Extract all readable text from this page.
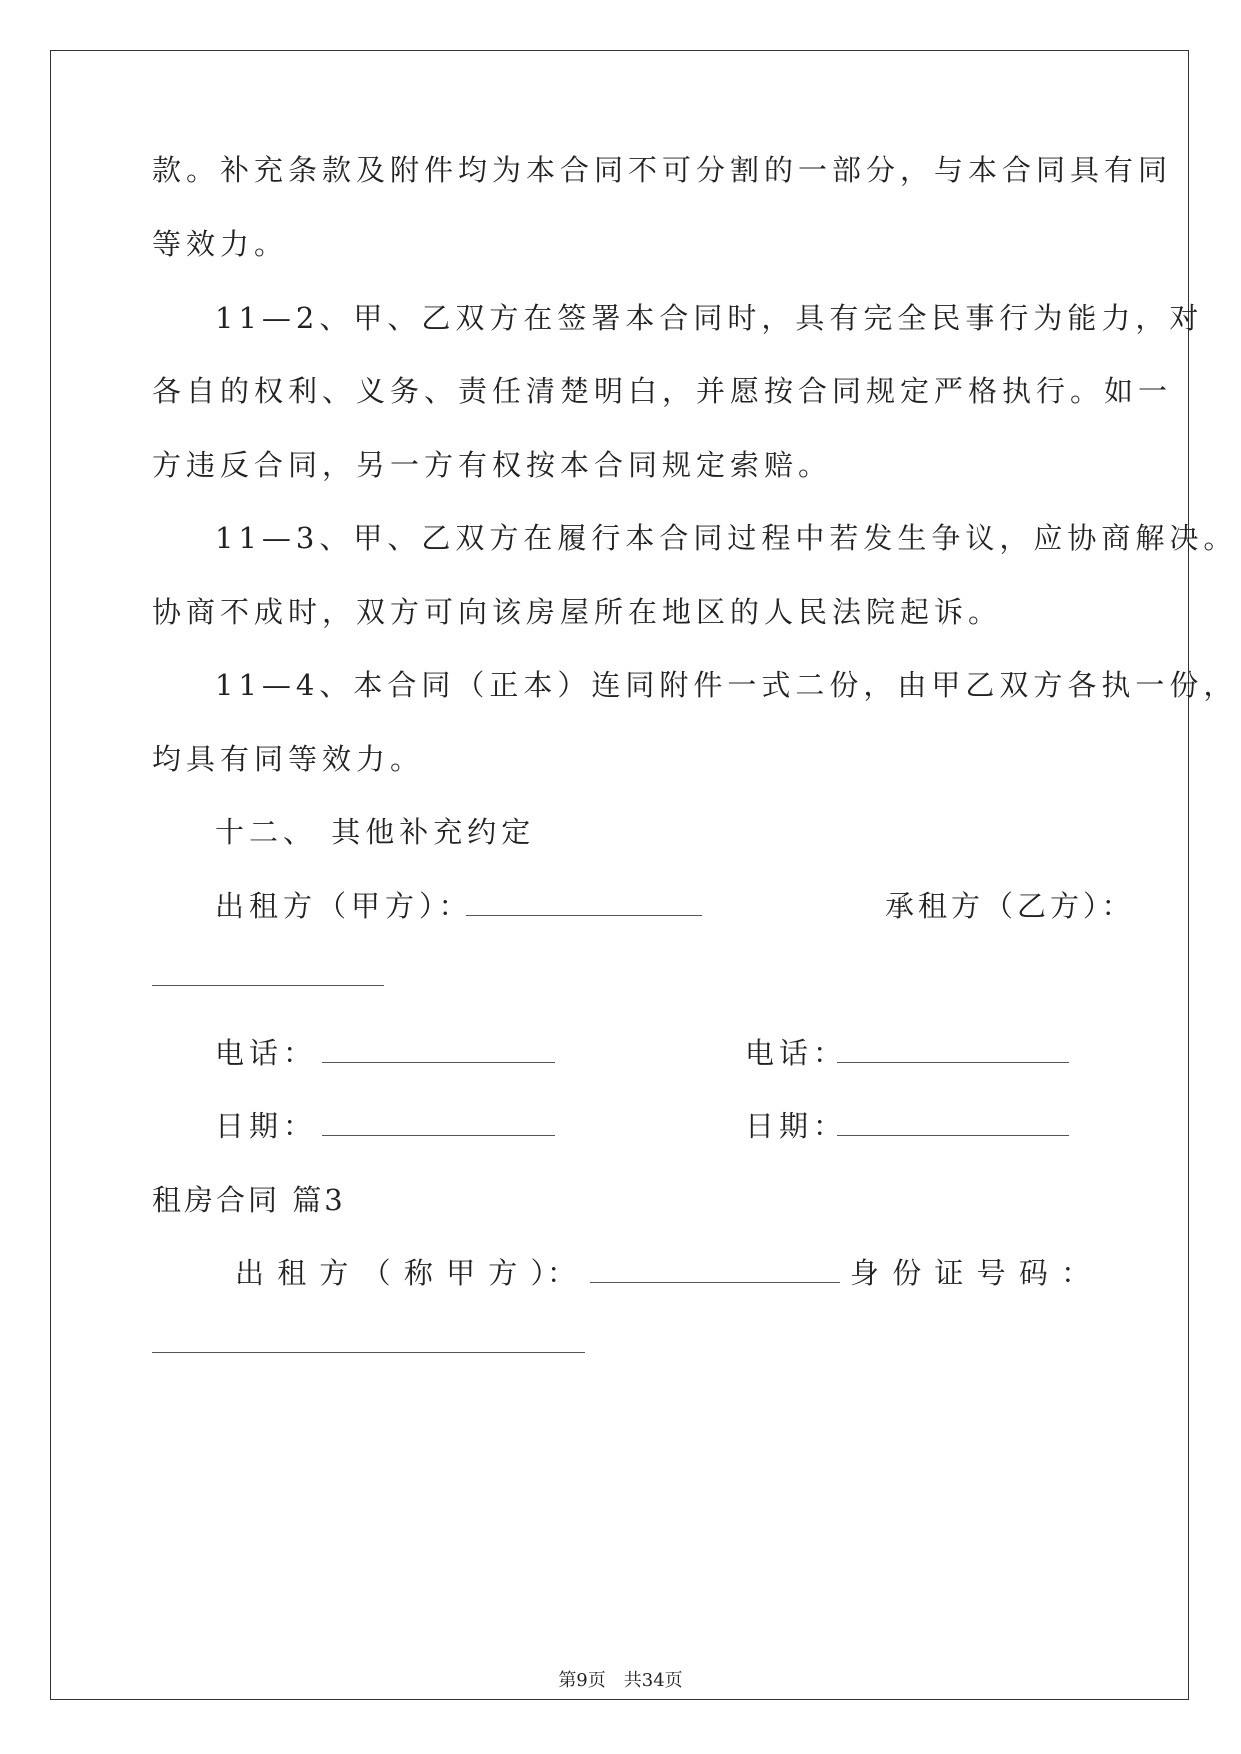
款。补充条款及附件均为本合同不可分割的一部分，与本合同具有同
等效力。
11—2、甲、乙双方在签署本合同时，具有完全民事行为能力，对
各自的权利、义务、责任清楚明白，并愿按合同规定严格执行。如一
方违反合同，另一方有权按本合同规定索赔。
11—3、甲、乙双方在履行本合同过程中若发生争议，应协商解决。
协商不成时，双方可向该房屋所在地区的人民法院起诉。
11—4、本合同（正本）连同附件一式二份，由甲乙双方各执一份，
均具有同等效力。
十二、 其他补充约定
出租方（甲方）：	承租方（乙方）：
电话：	电话：
日期：	日期：
租房合同 篇3
出 租 方 （ 称 甲 方 ）：	身 份 证 号 码 ：
第9页　共34页
